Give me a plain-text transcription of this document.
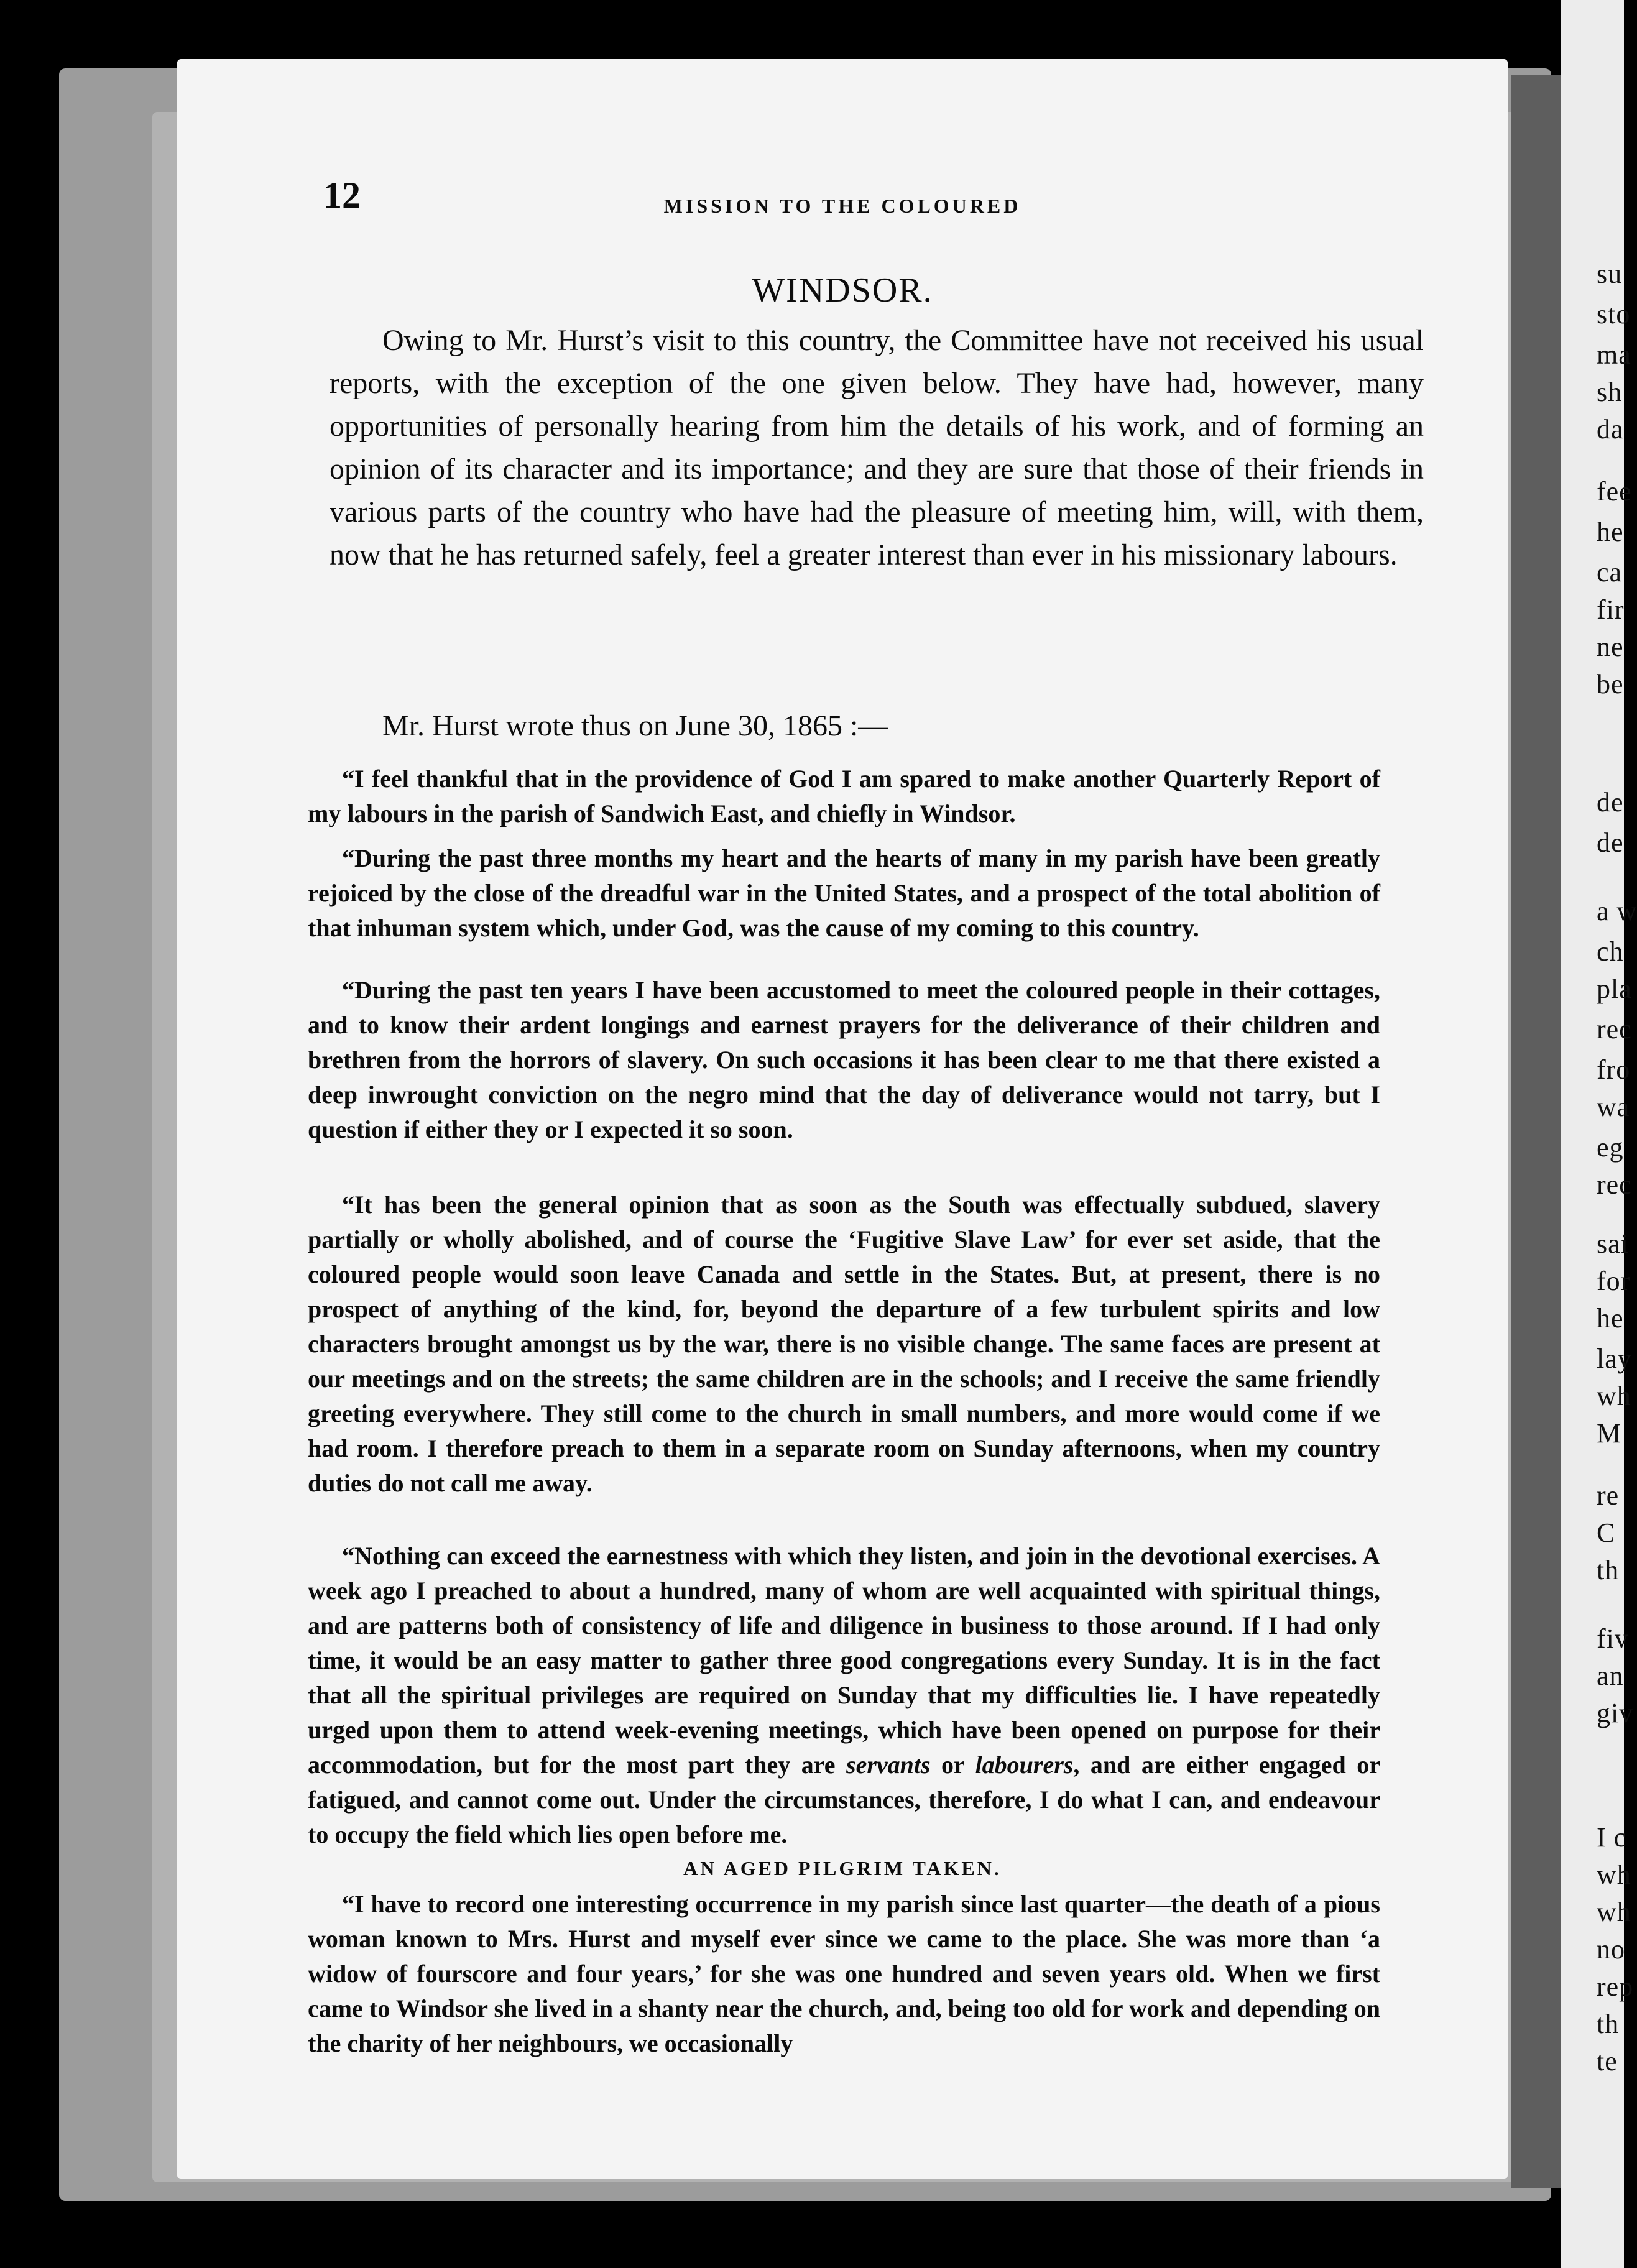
12	MISSION TO THE COLOURED
WINDSOR.

Owing to Mr. Hurst’s visit to this country, the Committee have not received his usual reports, with the exception of the one given below. They have had, however, many opportunities of personally hearing from him the details of his work, and of forming an opinion of its character and its importance; and they are sure that those of their friends in various parts of the country who have had the pleasure of meeting him, will, with them, now that he has returned safely, feel a greater interest than ever in his missionary labours.

Mr. Hurst wrote thus on June 30, 1865 :—

“I feel thankful that in the providence of God I am spared to make another Quarterly Report of my labours in the parish of Sandwich East, and chiefly in Windsor.

“During the past three months my heart and the hearts of many in my parish have been greatly rejoiced by the close of the dreadful war in the United States, and a prospect of the total abolition of that inhuman system which, under God, was the cause of my coming to this country.

“During the past ten years I have been accustomed to meet the coloured people in their cottages, and to know their ardent longings and earnest prayers for the deliverance of their children and brethren from the horrors of slavery. On such occasions it has been clear to me that there existed a deep inwrought conviction on the negro mind that the day of deliverance would not tarry, but I question if either they or I expected it so soon.

“It has been the general opinion that as soon as the South was effectually subdued, slavery partially or wholly abolished, and of course the ‘Fugitive Slave Law’ for ever set aside, that the coloured people would soon leave Canada and settle in the States. But, at present, there is no prospect of anything of the kind, for, beyond the departure of a few turbulent spirits and low characters brought amongst us by the war, there is no visible change. The same faces are present at our meetings and on the streets; the same children are in the schools; and I receive the same friendly greeting everywhere. They still come to the church in small numbers, and more would come if we had room. I therefore preach to them in a separate room on Sunday afternoons, when my country duties do not call me away.

“Nothing can exceed the earnestness with which they listen, and join in the devotional exercises. A week ago I preached to about a hundred, many of whom are well acquainted with spiritual things, and are patterns both of consistency of life and diligence in business to those around. If I had only time, it would be an easy matter to gather three good congregations every Sunday. It is in the fact that all the spiritual privileges are required on Sunday that my difficulties lie. I have repeatedly urged upon them to attend week-evening meetings, which have been opened on purpose for their accommodation, but for the most part they are servants or labourers, and are either engaged or fatigued, and cannot come out. Under the circumstances, therefore, I do what I can, and endeavour to occupy the field which lies open before me.

AN AGED PILGRIM TAKEN.

“I have to record one interesting occurrence in my parish since last quarter—the death of a pious woman known to Mrs. Hurst and myself ever since we came to the place. She was more than ‘a widow of fourscore and four years,’ for she was one hundred and seven years old. When we first came to Windsor she lived in a shanty near the church, and, being too old for work and depending on the charity of her neighbours, we occasionally

su
sto
ma
sh
da
fee
he
ca
fir
ne
be
de
de
a w
ch
pla
rec
fro
wa
eg
rec
sai
for
he
lay
wh
M
re
C
th
fiv
an
giv
I c
wh
wh
no
rep
th
te
